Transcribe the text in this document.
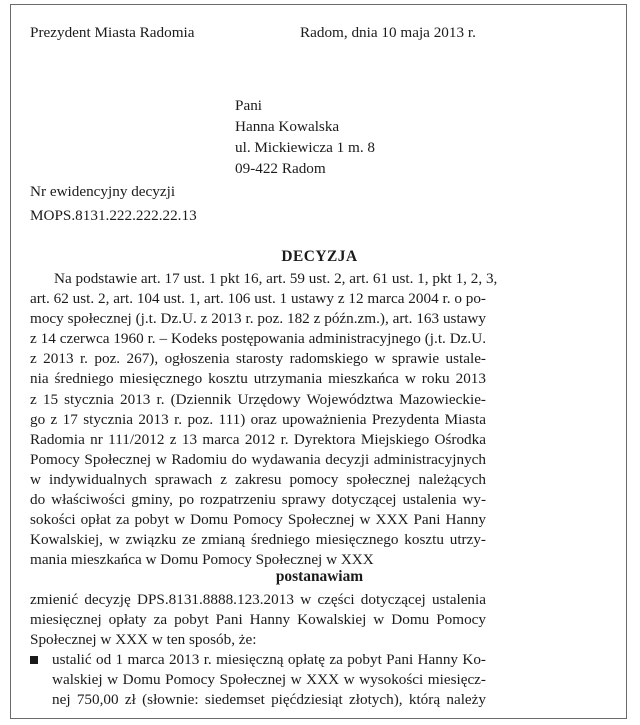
Prezydent Miasta Radomia	Radom, dnia 10 maja 2013 r.
Pani
Hanna Kowalska
ul. Mickiewicza 1 m. 8
09-422 Radom
Nr ewidencyjny decyzji
MOPS.8131.222.222.22.13
DECYZJA
Na podstawie art. 17 ust. 1 pkt 16, art. 59 ust. 2, art. 61 ust. 1, pkt 1, 2, 3,
art. 62 ust. 2, art. 104 ust. 1, art. 106 ust. 1 ustawy z 12 marca 2004 r. o po-
mocy społecznej (j.t. Dz.U. z 2013 r. poz. 182 z późn.zm.), art. 163 ustawy
z 14 czerwca 1960 r. – Kodeks postępowania administracyjnego (j.t. Dz.U.
z 2013 r. poz. 267), ogłoszenia starosty radomskiego w sprawie ustale-
nia średniego miesięcznego kosztu utrzymania mieszkańca w roku 2013
z 15 stycznia 2013 r. (Dziennik Urzędowy Województwa Mazowieckie-
go z 17 stycznia 2013 r. poz. 111) oraz upoważnienia Prezydenta Miasta
Radomia nr 111/2012 z 13 marca 2012 r. Dyrektora Miejskiego Ośrodka
Pomocy Społecznej w Radomiu do wydawania decyzji administracyjnych
w indywidualnych sprawach z zakresu pomocy społecznej należących
do właściwości gminy, po rozpatrzeniu sprawy dotyczącej ustalenia wy-
sokości opłat za pobyt w Domu Pomocy Społecznej w XXX Pani Hanny
Kowalskiej, w związku ze zmianą średniego miesięcznego kosztu utrzy-
mania mieszkańca w Domu Pomocy Społecznej w XXX
postanawiam
zmienić decyzję DPS.8131.8888.123.2013 w części dotyczącej ustalenia
miesięcznej opłaty za pobyt Pani Hanny Kowalskiej w Domu Pomocy
Społecznej w XXX w ten sposób, że:
ustalić od 1 marca 2013 r. miesięczną opłatę za pobyt Pani Hanny Ko-
walskiej w Domu Pomocy Społecznej w XXX w wysokości miesięcz-
nej 750,00 zł (słownie: siedemset pięćdziesiąt złotych), którą należy
